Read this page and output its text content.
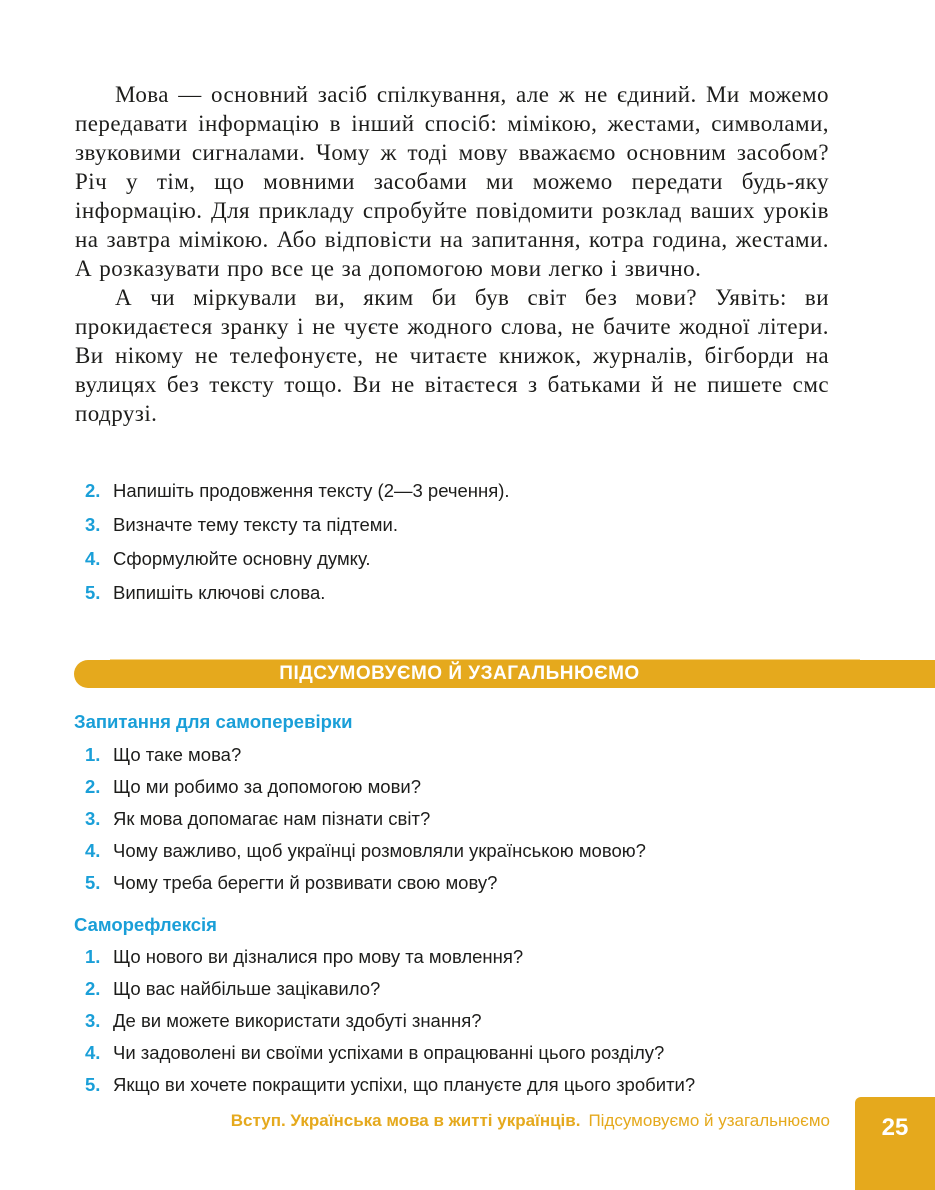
Мова — основний засіб спілкування, але ж не єдиний. Ми можемо передавати інформацію в інший спосіб: мімікою, жестами, символами, звуковими сигналами. Чому ж тоді мову вважаємо основним засобом? Річ у тім, що мовними засобами ми можемо передати будь-яку інформацію. Для прикладу спробуйте повідомити розклад ваших уроків на завтра мімікою. Або відповісти на запитання, котра година, жестами. А розказувати про все це за допомогою мови легко і звично.

А чи міркували ви, яким би був світ без мови? Уявіть: ви прокидаєтеся зранку і не чуєте жодного слова, не бачите жодної літери. Ви нікому не телефонуєте, не читаєте книжок, журналів, бігборди на вулицях без тексту тощо. Ви не вітаєтеся з батьками й не пишете смс подрузі.

2. Напишіть продовження тексту (2—3 речення).
3. Визначте тему тексту та підтеми.
4. Сформулюйте основну думку.
5. Випишіть ключові слова.
ПІДСУМОВУЄМО Й УЗАГАЛЬНЮЄМО
Запитання для самоперевірки
1. Що таке мова?
2. Що ми робимо за допомогою мови?
3. Як мова допомагає нам пізнати світ?
4. Чому важливо, щоб українці розмовляли українською мовою?
5. Чому треба берегти й розвивати свою мову?
Саморефлексія
1. Що нового ви дізналися про мову та мовлення?
2. Що вас найбільше зацікавило?
3. Де ви можете використати здобуті знання?
4. Чи задоволені ви своїми успіхами в опрацюванні цього розділу?
5. Якщо ви хочете покращити успіхи, що плануєте для цього зробити?
Вступ. Українська мова в житті українців. Підсумовуємо й узагальнюємо 25
